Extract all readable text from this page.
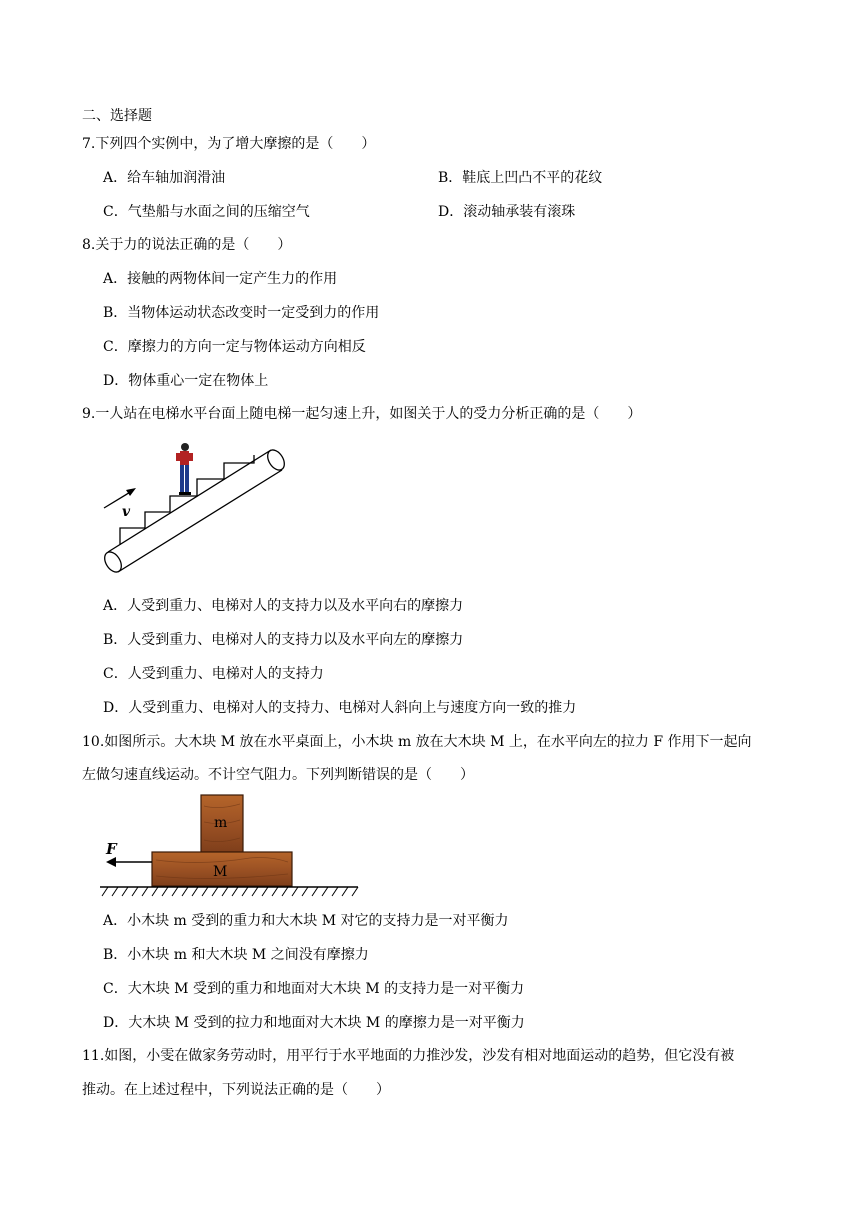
二、选择题
7.下列四个实例中，为了增大摩擦的是（　　）
A．给车轴加润滑油	B．鞋底上凹凸不平的花纹
C．气垫船与水面之间的压缩空气	D．滚动轴承装有滚珠
8.关于力的说法正确的是（　　）
A．接触的两物体间一定产生力的作用
B．当物体运动状态改变时一定受到力的作用
C．摩擦力的方向一定与物体运动方向相反
D．物体重心一定在物体上
9.一人站在电梯水平台面上随电梯一起匀速上升，如图关于人的受力分析正确的是（　　）
v
A．人受到重力、电梯对人的支持力以及水平向右的摩擦力
B．人受到重力、电梯对人的支持力以及水平向左的摩擦力
C．人受到重力、电梯对人的支持力
D．人受到重力、电梯对人的支持力、电梯对人斜向上与速度方向一致的推力
10.如图所示。大木块 M 放在水平桌面上，小木块 m 放在大木块 M 上，在水平向左的拉力 F 作用下一起向
左做匀速直线运动。不计空气阻力。下列判断错误的是（　　）
m
M
F
A．小木块 m 受到的重力和大木块 M 对它的支持力是一对平衡力
B．小木块 m 和大木块 M 之间没有摩擦力
C．大木块 M 受到的重力和地面对大木块 M 的支持力是一对平衡力
D．大木块 M 受到的拉力和地面对大木块 M 的摩擦力是一对平衡力
11.如图，小雯在做家务劳动时，用平行于水平地面的力推沙发，沙发有相对地面运动的趋势，但它没有被
推动。在上述过程中，下列说法正确的是（　　）
